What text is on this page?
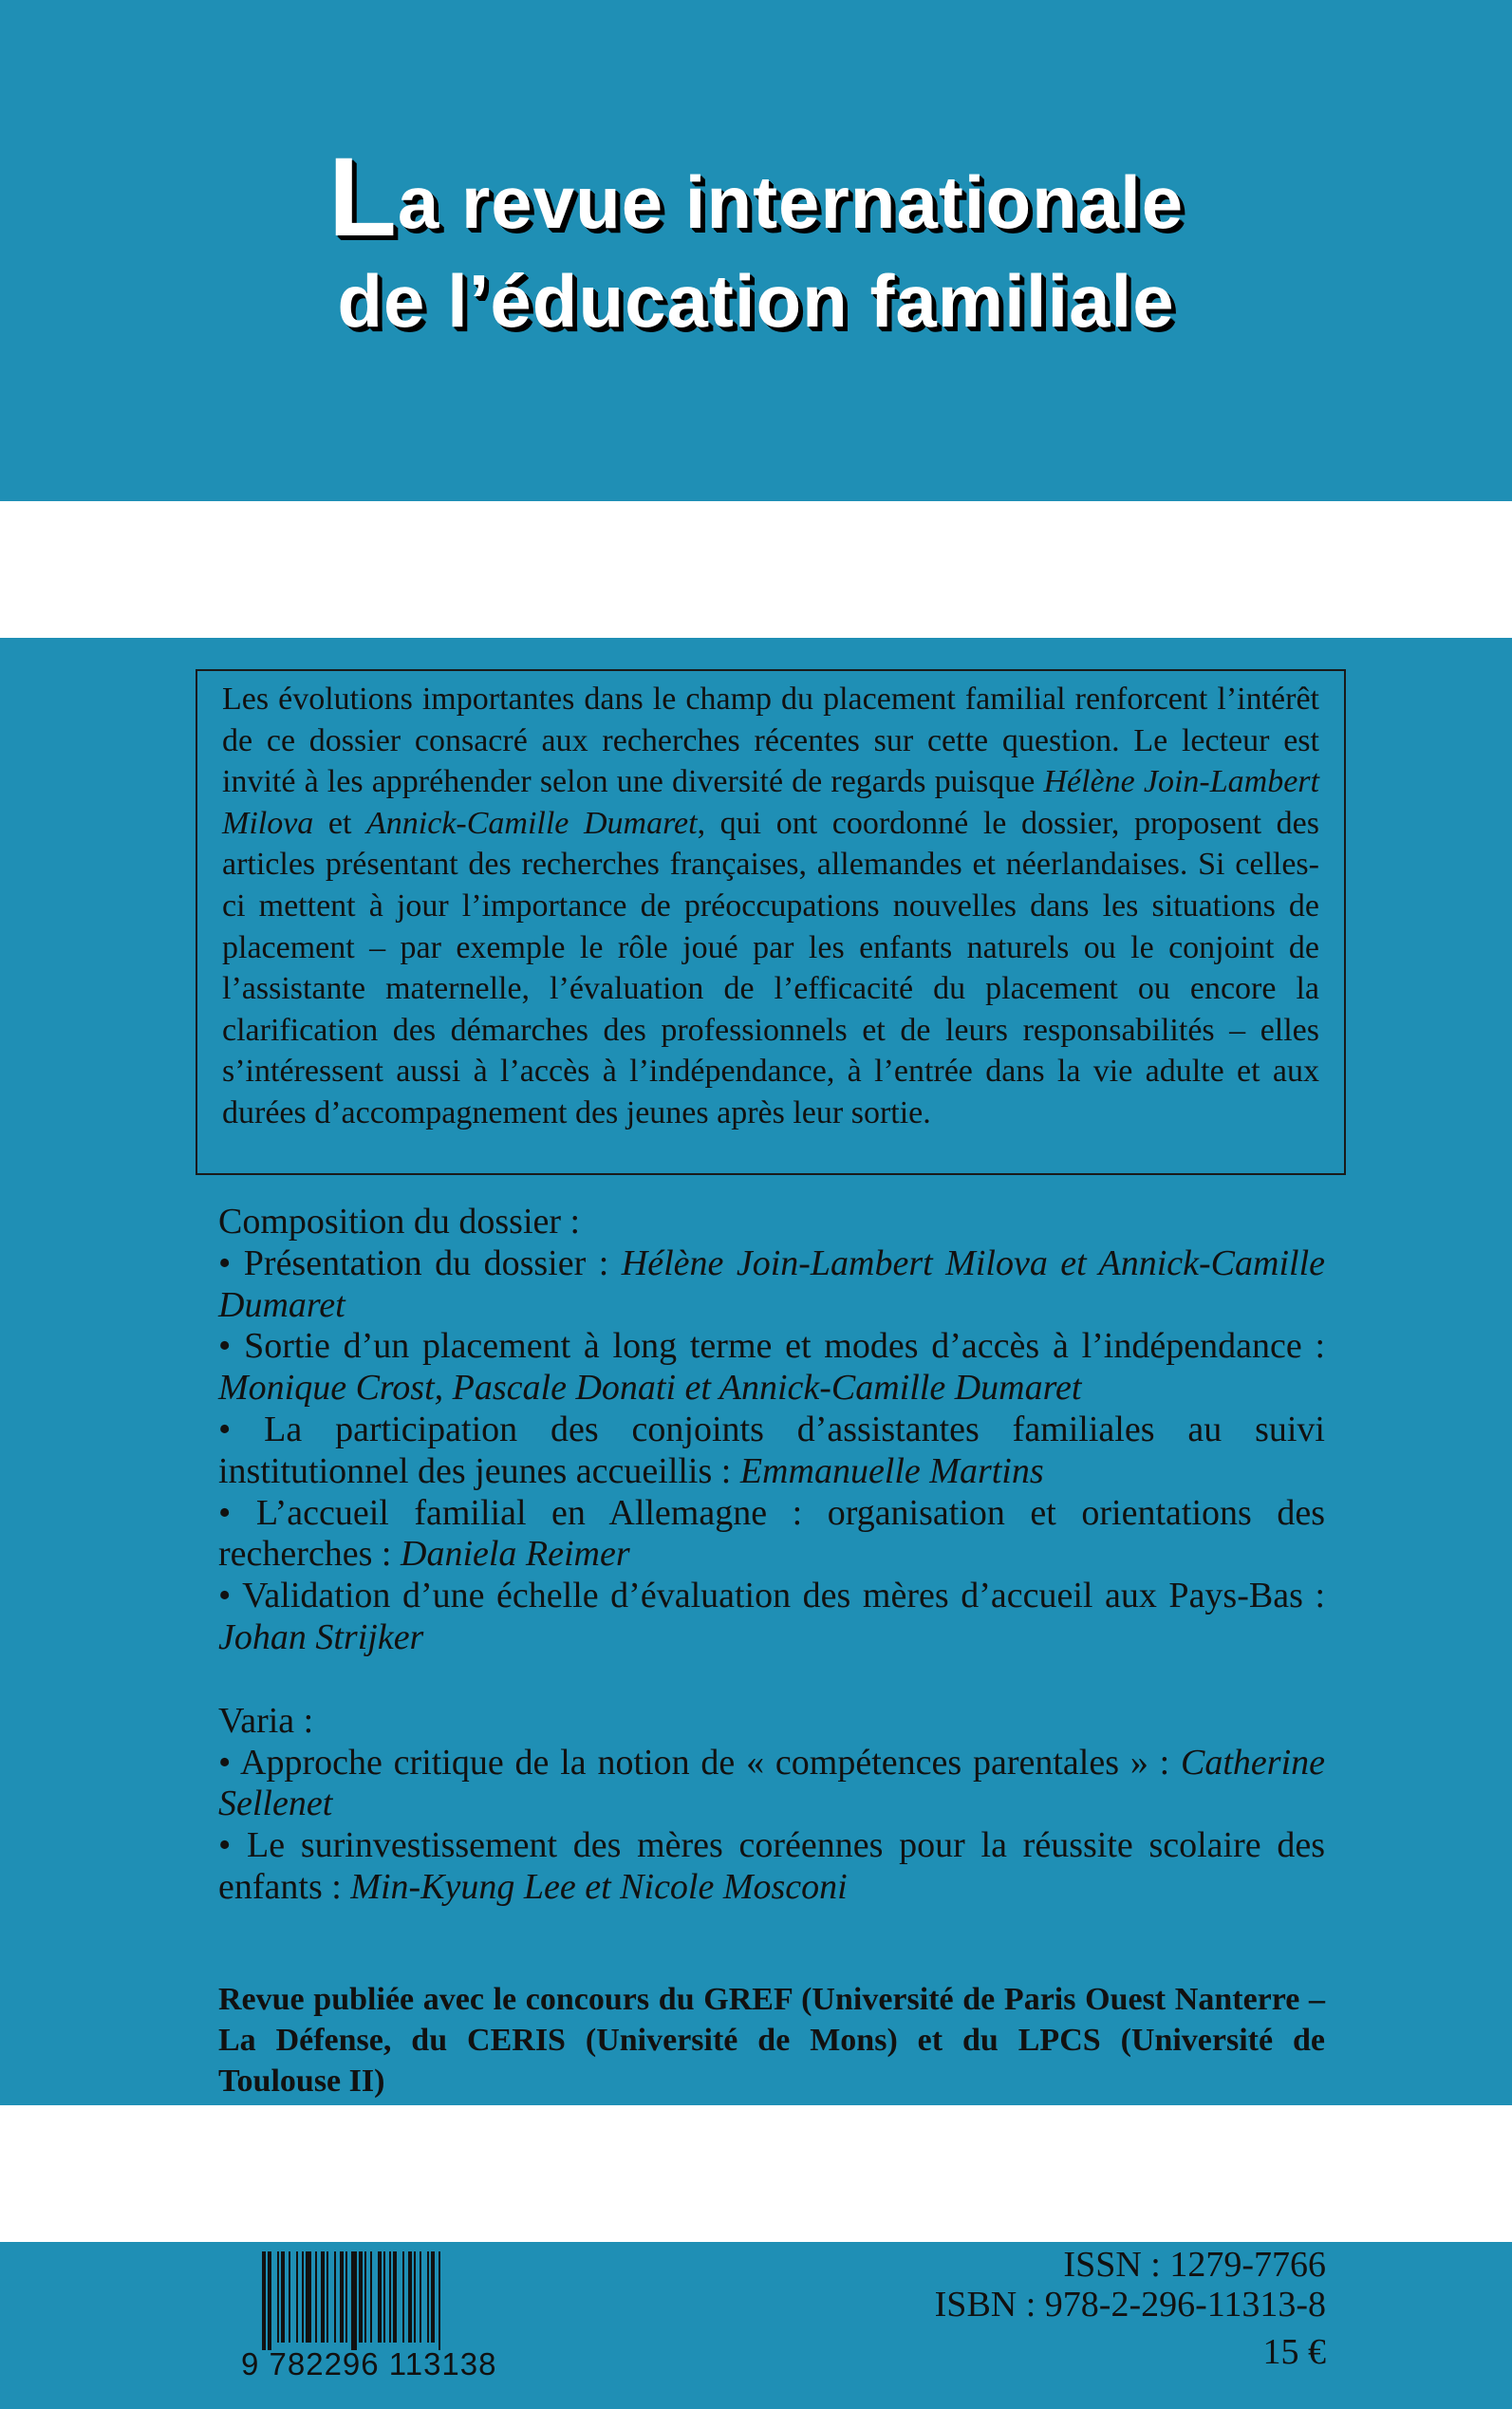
La revue internationale
de l’éducation familiale

Les évolutions importantes dans le champ du placement familial renforcent l’intérêt de ce dossier consacré aux recherches récentes sur cette question. Le lecteur est invité à les appréhender selon une diversité de regards puisque Hélène Join-Lambert Milova et Annick-Camille Dumaret, qui ont coordonné le dossier, proposent des articles présentant des recherches françaises, allemandes et néerlandaises. Si celles-ci mettent à jour l’importance de préoccupations nouvelles dans les situations de placement – par exemple le rôle joué par les enfants naturels ou le conjoint de l’assistante maternelle, l’évaluation de l’efficacité du placement ou encore la clarification des démarches des professionnels et de leurs responsabilités – elles s’intéressent aussi à l’accès à l’indépendance, à l’entrée dans la vie adulte et aux durées d’accompagnement des jeunes après leur sortie.

Composition du dossier :

• Présentation du dossier : Hélène Join-Lambert Milova et Annick-Camille Dumaret

• Sortie d’un placement à long terme et modes d’accès à l’indépendance : Monique Crost, Pascale Donati et Annick-Camille Dumaret

• La participation des conjoints d’assistantes familiales au suivi institutionnel des jeunes accueillis : Emmanuelle Martins

• L’accueil familial en Allemagne : organisation et orientations des recherches : Daniela Reimer

• Validation d’une échelle d’évaluation des mères d’accueil aux Pays-Bas : Johan Strijker

Varia :

• Approche critique de la notion de « compétences parentales » : Catherine Sellenet

• Le surinvestissement des mères coréennes pour la réussite scolaire des enfants : Min-Kyung Lee et Nicole Mosconi

Revue publiée avec le concours du GREF (Université de Paris Ouest Nanterre – La Défense, du CERIS (Université de Mons) et du LPCS (Université de Toulouse II)

9 782296 113138
ISSN : 1279-7766
ISBN : 978-2-296-11313-8
15 €
